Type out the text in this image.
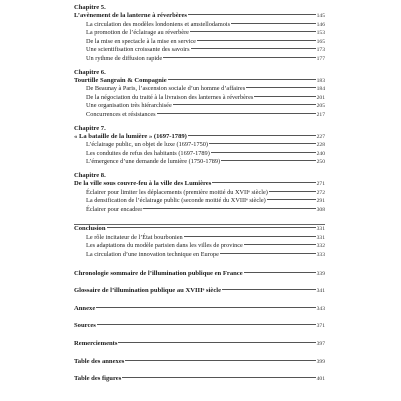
Chapitre 5.
L’avènement de la lanterne à réverbères	145
La circulation des modèles londoniens et amstellodamois	146
La promotion de l’éclairage au réverbère	153
De la mise en spectacle à la mise en service	165
Une scientifisation croissante des savoirs	173
Un rythme de diffusion rapide	177
Chapitre 6.
Tourtille Sangrain & Compagnie	183
De Beaunay à Paris, l’ascension sociale d’un homme d’affaires	184
De la négociation du traité à la livraison des lanternes à réverbères	201
Une organisation très hiérarchisée	205
Concurrences et résistances	217
Chapitre 7.
« La bataille de la lumière » (1697-1789)	227
L’éclairage public, un objet de luxe (1697-1750)	228
Les conduites de refus des habitants (1697-1789)	240
L’émergence d’une demande de lumière (1750-1789)	250
Chapitre 8.
De la ville sous couvre-feu à la ville des Lumières	271
Éclairer pour limiter les déplacements (première moitié du XVIIᵉ siècle)	272
La densification de l’éclairage public (seconde moitié du XVIIIᵉ siècle)	291
Éclairer pour encadrer	308
Conclusion	331
Le rôle incitateur de l’État bourbonien	331
Les adaptations du modèle parisien dans les villes de province	332
La circulation d’une innovation technique en Europe	333
Chronologie sommaire de l’illumination publique en France	339
Glossaire de l’illumination publique au XVIIIᵉ siècle	341
Annexe	343
Sources	371
Remerciements	397
Table des annexes	399
Table des figures	401
